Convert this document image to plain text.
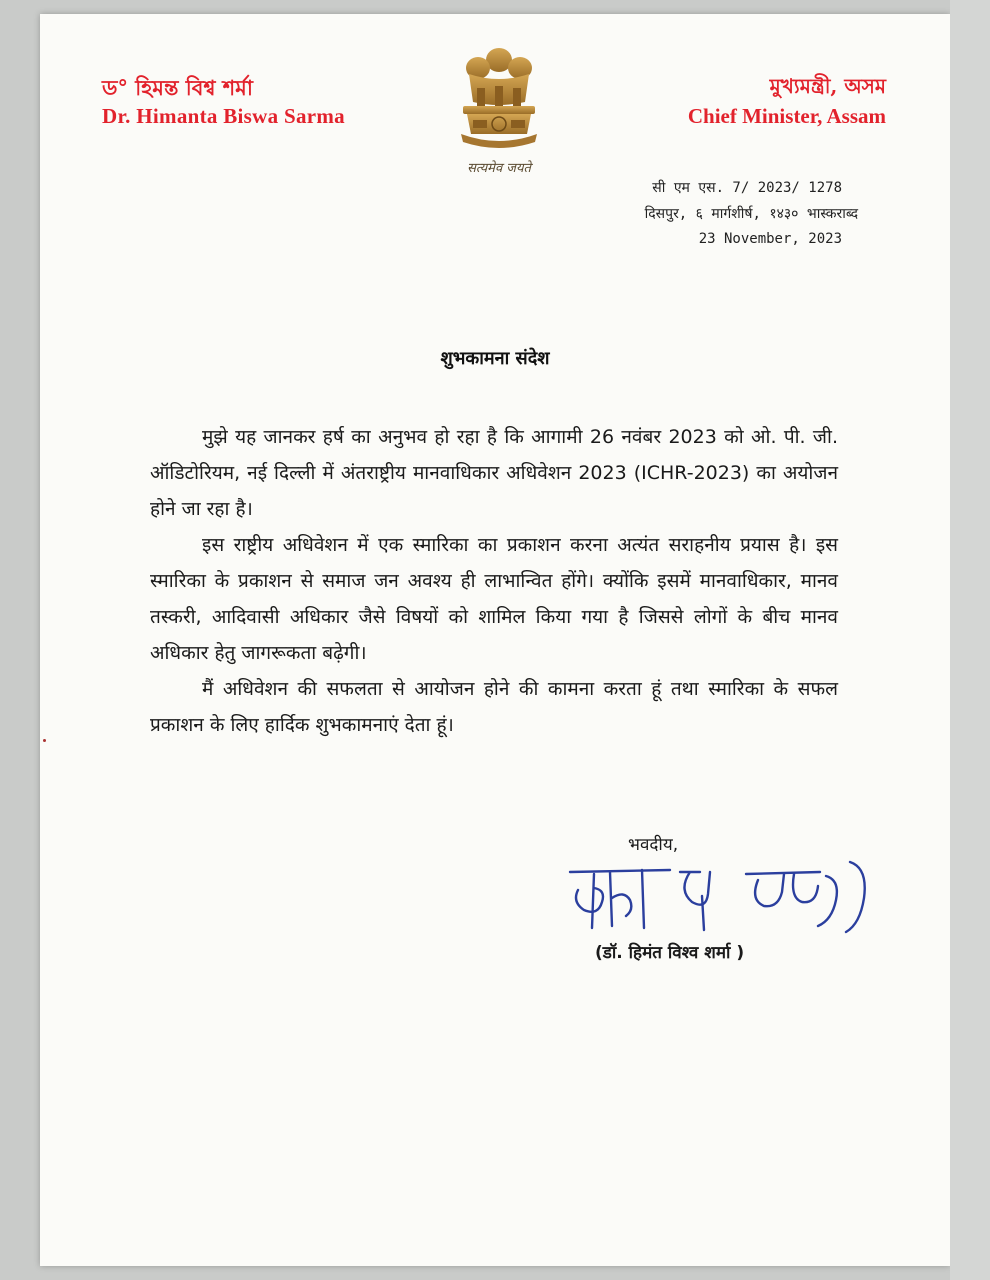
ড° হিমন্ত বিশ্ব শৰ্মা
Dr. Himanta Biswa Sarma
सत्यमेव जयते
মুখ্যমন্ত্ৰী, অসম
Chief Minister, Assam
सी एम एस. 7/ 2023/ 1278
दिसपुर, ६ मार्गशीर्ष, १४३० भास्कराब्द
23 November, 2023
शुभकामना संदेश

मुझे यह जानकर हर्ष का अनुभव हो रहा है कि आगामी 26 नवंबर 2023 को ओ. पी. जी. ऑडिटोरियम, नई दिल्ली में अंतराष्ट्रीय मानवाधिकार अधिवेशन 2023 (ICHR-2023) का अयोजन होने जा रहा है।

इस राष्ट्रीय अधिवेशन में एक स्मारिका का प्रकाशन करना अत्यंत सराहनीय प्रयास है। इस स्मारिका के प्रकाशन से समाज जन अवश्य ही लाभान्वित होंगे। क्योंकि इसमें मानवाधिकार, मानव तस्करी, आदिवासी अधिकार जैसे विषयों को शामिल किया गया है जिससे लोगों के बीच मानव अधिकार हेतु जागरूकता बढ़ेगी।

मैं अधिवेशन की सफलता से आयोजन होने की कामना करता हूं तथा स्मारिका के सफल प्रकाशन के लिए हार्दिक शुभकामनाएं देता हूं।

भवदीय,
(डॉ. हिमंत विश्व शर्मा )
